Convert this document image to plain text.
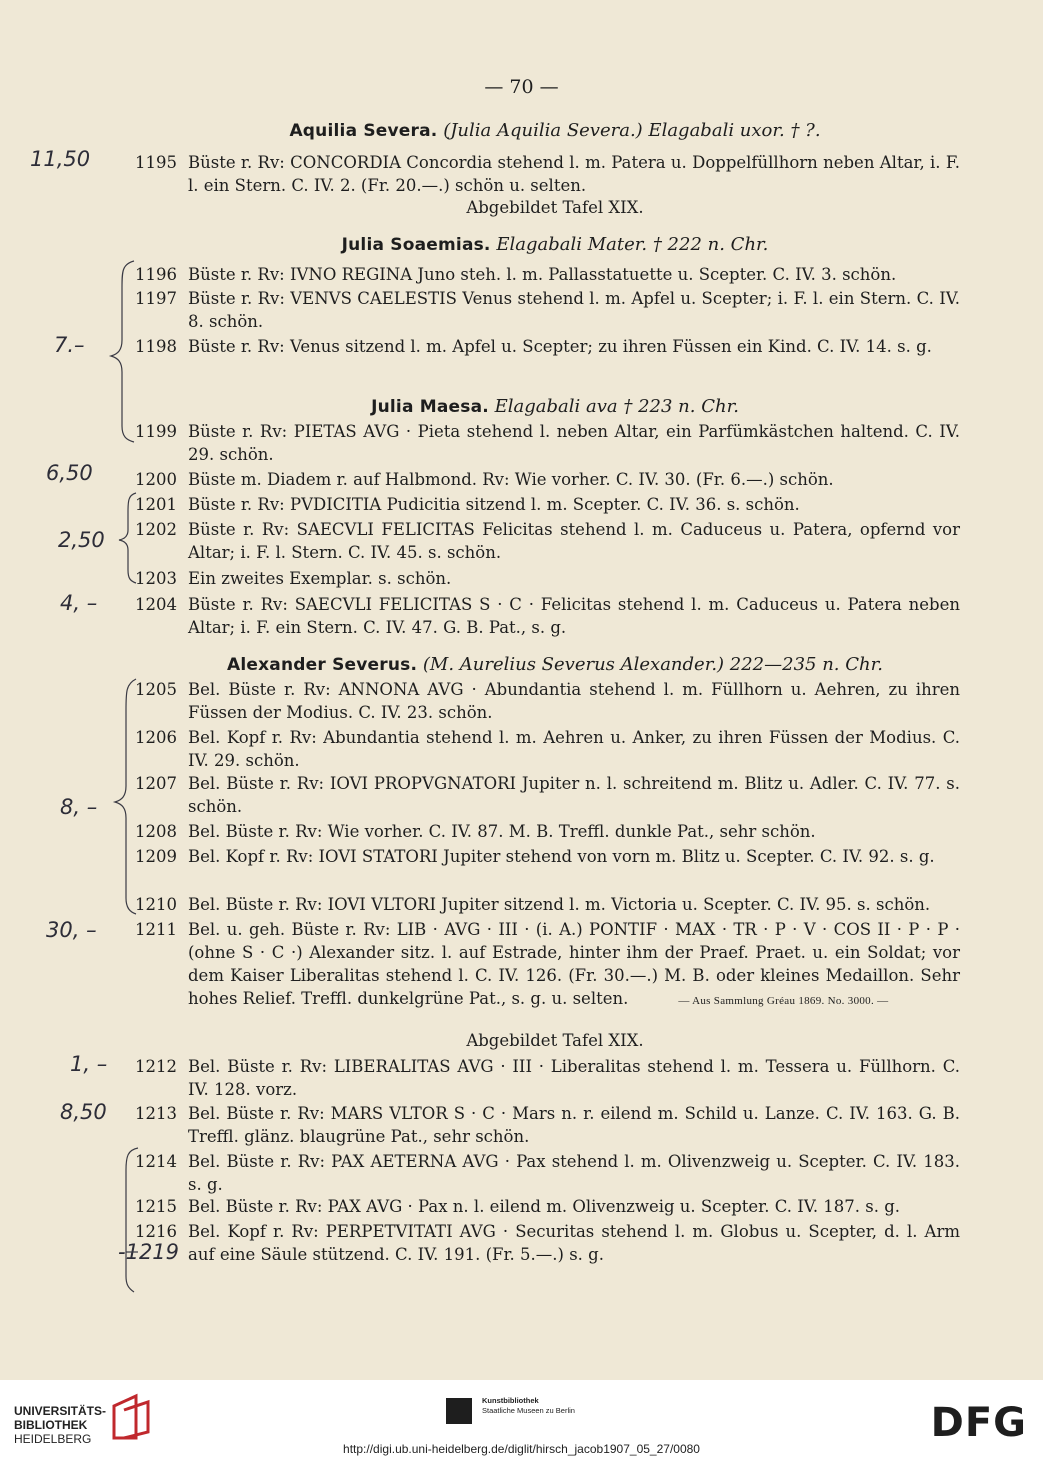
— 70 —
Aquilia Severa. (Julia Aquilia Severa.) Elagabali uxor. † ?.
1195 Büste r. Rv: CONCORDIA Concordia stehend l. m. Patera u. Doppelfüllhorn neben Altar, i. F. l. ein Stern. C. IV. 2. (Fr. 20.—.) schön u. selten.
Abgebildet Tafel XIX.
Julia Soaemias. Elagabali Mater. † 222 n. Chr.
1196 Büste r. Rv: IVNO REGINA Juno steh. l. m. Pallasstatuette u. Scepter. C. IV. 3. schön.
1197 Büste r. Rv: VENVS CAELESTIS Venus stehend l. m. Apfel u. Scepter; i. F. l. ein Stern. C. IV. 8. schön.
1198 Büste r. Rv: Venus sitzend l. m. Apfel u. Scepter; zu ihren Füssen ein Kind. C. IV. 14. s. g.
Julia Maesa. Elagabali ava † 223 n. Chr.
1199 Büste r. Rv: PIETAS AVG · Pieta stehend l. neben Altar, ein Parfümkästchen haltend. C. IV. 29. schön.
1200 Büste m. Diadem r. auf Halbmond. Rv: Wie vorher. C. IV. 30. (Fr. 6.—.) schön.
1201 Büste r. Rv: PVDICITIA Pudicitia sitzend l. m. Scepter. C. IV. 36. s. schön.
1202 Büste r. Rv: SAECVLI FELICITAS Felicitas stehend l. m. Caduceus u. Patera, opfernd vor Altar; i. F. l. Stern. C. IV. 45. s. schön.
1203 Ein zweites Exemplar. s. schön.
1204 Büste r. Rv: SAECVLI FELICITAS S · C · Felicitas stehend l. m. Caduceus u. Patera neben Altar; i. F. ein Stern. C. IV. 47. G. B. Pat., s. g.
Alexander Severus. (M. Aurelius Severus Alexander.) 222—235 n. Chr.
1205 Bel. Büste r. Rv: ANNONA AVG · Abundantia stehend l. m. Füllhorn u. Aehren, zu ihren Füssen der Modius. C. IV. 23. schön.
1206 Bel. Kopf r. Rv: Abundantia stehend l. m. Aehren u. Anker, zu ihren Füssen der Modius. C. IV. 29. schön.
1207 Bel. Büste r. Rv: IOVI PROPVGNATORI Jupiter n. l. schreitend m. Blitz u. Adler. C. IV. 77. s. schön.
1208 Bel. Büste r. Rv: Wie vorher. C. IV. 87. M. B. Treffl. dunkle Pat., sehr schön.
1209 Bel. Kopf r. Rv: IOVI STATORI Jupiter stehend von vorn m. Blitz u. Scepter. C. IV. 92. s. g.
1210 Bel. Büste r. Rv: IOVI VLTORI Jupiter sitzend l. m. Victoria u. Scepter. C. IV. 95. s. schön.
1211 Bel. u. geh. Büste r. Rv: LIB · AVG · III · (i. A.) PONTIF · MAX · TR · P · V · COS II · P · P · (ohne S · C ·) Alexander sitz. l. auf Estrade, hinter ihm der Praef. Praet. u. ein Soldat; vor dem Kaiser Liberalitas stehend l. C. IV. 126. (Fr. 30.—.) M. B. oder kleines Medaillon. Sehr hohes Relief. Treffl. dunkelgrüne Pat., s. g. u. selten.	— Aus Sammlung Gréau 1869. No. 3000. —
Abgebildet Tafel XIX.
1212 Bel. Büste r. Rv: LIBERALITAS AVG · III · Liberalitas stehend l. m. Tessera u. Füllhorn. C. IV. 128. vorz.
1213 Bel. Büste r. Rv: MARS VLTOR S · C · Mars n. r. eilend m. Schild u. Lanze. C. IV. 163. G. B. Treffl. glänz. blaugrüne Pat., sehr schön.
1214 Bel. Büste r. Rv: PAX AETERNA AVG · Pax stehend l. m. Olivenzweig u. Scepter. C. IV. 183. s. g.
1215 Bel. Büste r. Rv: PAX AVG · Pax n. l. eilend m. Olivenzweig u. Scepter. C. IV. 187. s. g.
1216 Bel. Kopf r. Rv: PERPETVITATI AVG · Securitas stehend l. m. Globus u. Scepter, d. l. Arm auf eine Säule stützend. C. IV. 191. (Fr. 5.—.) s. g.
11,50
7.–
6,50
2,50
4, –
8, –
30, –
1, –
8,50
-1219
UNIVERSITÄTS-
BIBLIOTHEK
HEIDELBERG
Kunstbibliothek
Staatliche Museen zu Berlin	DFG
http://digi.ub.uni-heidelberg.de/diglit/hirsch_jacob1907_05_27/0080
